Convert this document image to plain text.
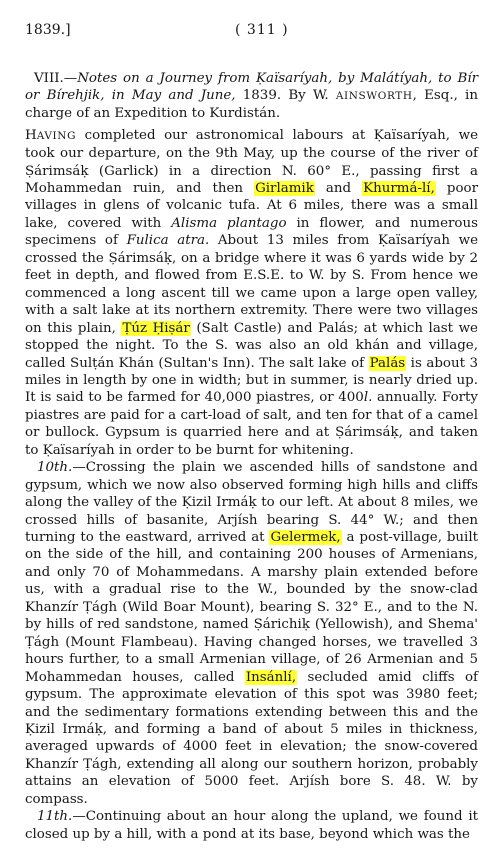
1839.]	( 311 )
VIII.—Notes on a Journey from Ḳaïsaríyah, by Malátíyah, to Bír or Bírehjik, in May and June, 1839. By W. AINSWORTH, Esq., in charge of an Expedition to Kurdistán.

HAVING completed our astronomical labours at Ḳaïsaríyah, we took our departure, on the 9th May, up the course of the river of Ṣárimsáḳ (Garlick) in a direction N. 60° E., passing first a Mohammedan ruin, and then Girlamik and Khurmá-lí, poor villages in glens of volcanic tufa. At 6 miles, there was a small lake, covered with Alisma plantago in flower, and numerous specimens of Fulica atra. About 13 miles from Ḳaïsaríyah we crossed the Ṣárimsáḳ, on a bridge where it was 6 yards wide by 2 feet in depth, and flowed from E.S.E. to W. by S. From hence we commenced a long ascent till we came upon a large open valley, with a salt lake at its northern extremity. There were two villages on this plain, Ṭúz Ḥiṣár (Salt Castle) and Palás; at which last we stopped the night. To the S. was also an old khán and village, called Sulṭán Khán (Sultan's Inn). The salt lake of Palás is about 3 miles in length by one in width; but in summer, is nearly dried up. It is said to be farmed for 40,000 piastres, or 400l. annually. Forty piastres are paid for a cart-load of salt, and ten for that of a camel or bullock. Gypsum is quarried here and at Ṣárimsáḳ, and taken to Ḳaïsaríyah in order to be burnt for whitening.

10th.—Crossing the plain we ascended hills of sandstone and gypsum, which we now also observed forming high hills and cliffs along the valley of the Ḳizil Irmáḳ to our left. At about 8 miles, we crossed hills of basanite, Arjísh bearing S. 44° W.; and then turning to the eastward, arrived at Gelermek, a post-village, built on the side of the hill, and containing 200 houses of Armenians, and only 70 of Mohammedans. A marshy plain extended before us, with a gradual rise to the W., bounded by the snow-clad Khanzír Ṭágh (Wild Boar Mount), bearing S. 32° E., and to the N. by hills of red sandstone, named Ṣárichiḳ (Yellowish), and Shema' Ṭágh (Mount Flambeau). Having changed horses, we travelled 3 hours further, to a small Armenian village, of 26 Armenian and 5 Mohammedan houses, called Insánlí, secluded amid cliffs of gypsum. The approximate elevation of this spot was 3980 feet; and the sedimentary formations extending between this and the Ḳizil Irmáḳ, and forming a band of about 5 miles in thickness, averaged upwards of 4000 feet in elevation; the snow-covered Khanzír Ṭágh, extending all along our southern horizon, probably attains an elevation of 5000 feet. Arjísh bore S. 48. W. by compass.

11th.—Continuing about an hour along the upland, we found it closed up by a hill, with a pond at its base, beyond which was the
